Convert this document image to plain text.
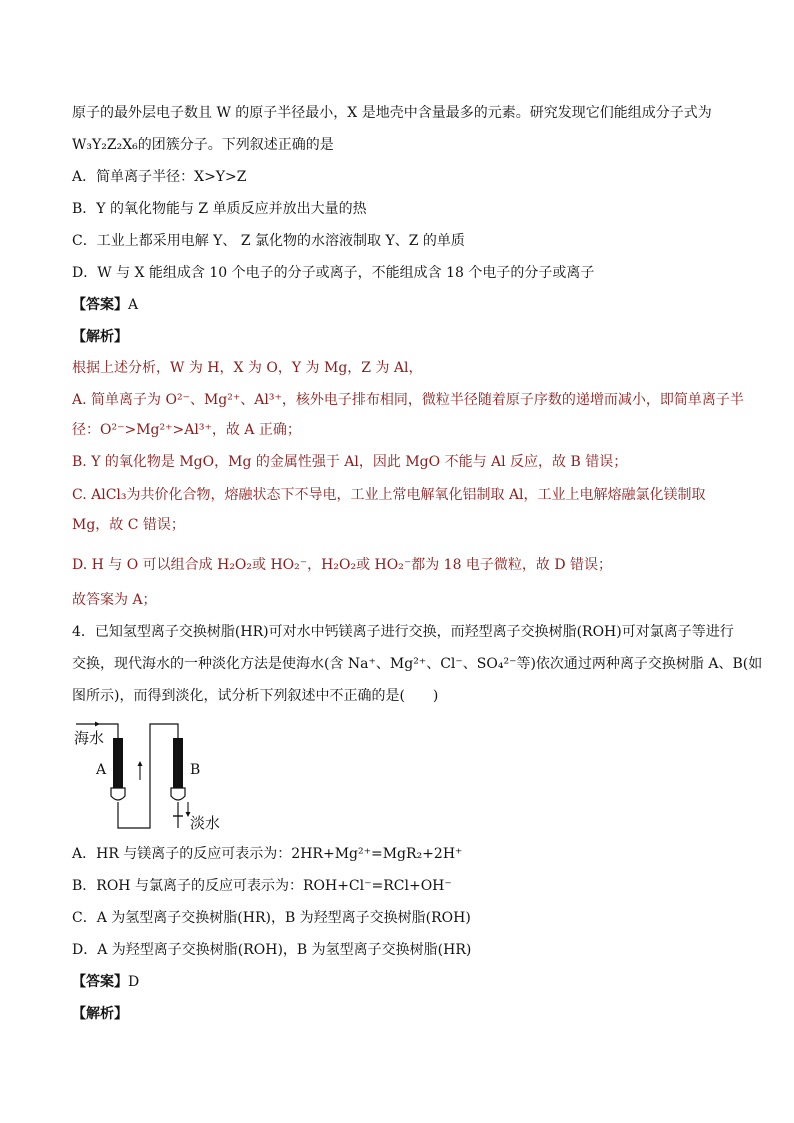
原子的最外层电子数且 W 的原子半径最小，X 是地壳中含量最多的元素。研究发现它们能组成分子式为
W₃Y₂Z₂X₆的团簇分子。下列叙述正确的是
A．简单离子半径：X>Y>Z
B．Y 的氧化物能与 Z 单质反应并放出大量的热
C．工业上都采用电解 Y、 Z 氯化物的水溶液制取 Y、Z 的单质
D．W 与 X 能组成含 10 个电子的分子或离子，不能组成含 18 个电子的分子或离子
【答案】A
【解析】
根据上述分析，W 为 H，X 为 O，Y 为 Mg，Z 为 Al，
A. 简单离子为 O²⁻、Mg²⁺、Al³⁺，核外电子排布相同，微粒半径随着原子序数的递增而减小，即简单离子半
径：O²⁻>Mg²⁺>Al³⁺，故 A 正确；
B. Y 的氧化物是 MgO，Mg 的金属性强于 Al，因此 MgO 不能与 Al 反应，故 B 错误；
C. AlCl₃为共价化合物，熔融状态下不导电，工业上常电解氧化铝制取 Al，工业上电解熔融氯化镁制取
Mg，故 C 错误；
D. H 与 O 可以组合成 H₂O₂或 HO₂⁻，H₂O₂或 HO₂⁻都为 18 电子微粒，故 D 错误；
故答案为 A；
4．已知氢型离子交换树脂(HR)可对水中钙镁离子进行交换，而羟型离子交换树脂(ROH)可对氯离子等进行
交换，现代海水的一种淡化方法是使海水(含 Na⁺、Mg²⁺、Cl⁻、SO₄²⁻等)依次通过两种离子交换树脂 A、B(如
图所示)，而得到淡化，试分析下列叙述中不正确的是(　　)
海水
A	B
淡水
A．HR 与镁离子的反应可表示为：2HR+Mg²⁺=MgR₂+2H⁺
B．ROH 与氯离子的反应可表示为：ROH+Cl⁻=RCl+OH⁻
C．A 为氢型离子交换树脂(HR)，B 为羟型离子交换树脂(ROH)
D．A 为羟型离子交换树脂(ROH)，B 为氢型离子交换树脂(HR)
【答案】D
【解析】
